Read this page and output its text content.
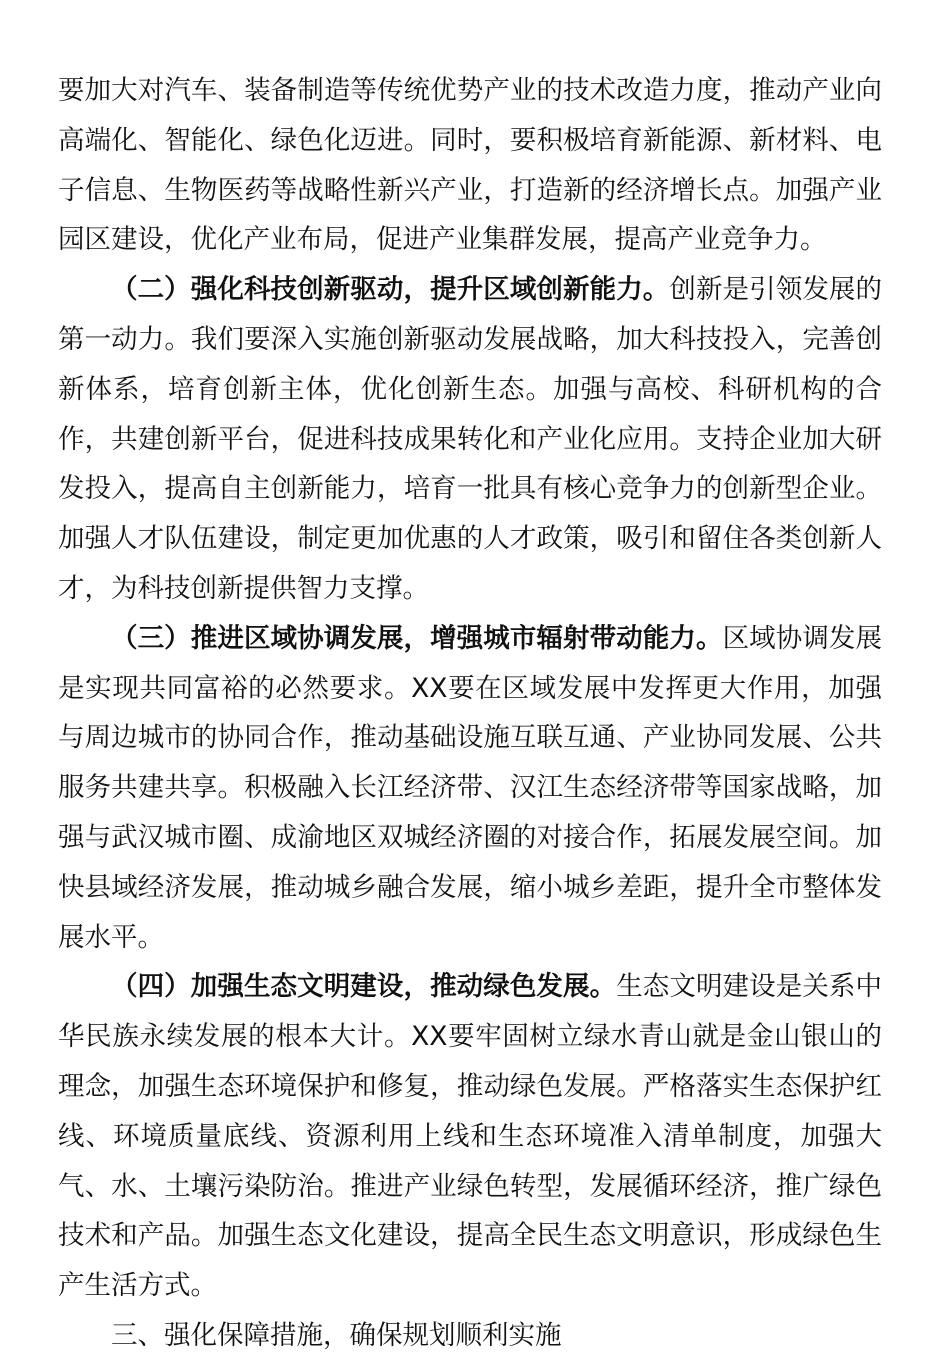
要加大对汽车、装备制造等传统优势产业的技术改造力度，推动产业向高端化、智能化、绿色化迈进。同时，要积极培育新能源、新材料、电子信息、生物医药等战略性新兴产业，打造新的经济增长点。加强产业园区建设，优化产业布局，促进产业集群发展，提高产业竞争力。

（二）强化科技创新驱动，提升区域创新能力。创新是引领发展的第一动力。我们要深入实施创新驱动发展战略，加大科技投入，完善创新体系，培育创新主体，优化创新生态。加强与高校、科研机构的合作，共建创新平台，促进科技成果转化和产业化应用。支持企业加大研发投入，提高自主创新能力，培育一批具有核心竞争力的创新型企业。加强人才队伍建设，制定更加优惠的人才政策，吸引和留住各类创新人才，为科技创新提供智力支撑。

（三）推进区域协调发展，增强城市辐射带动能力。区域协调发展是实现共同富裕的必然要求。XX要在区域发展中发挥更大作用，加强与周边城市的协同合作，推动基础设施互联互通、产业协同发展、公共服务共建共享。积极融入长江经济带、汉江生态经济带等国家战略，加强与武汉城市圈、成渝地区双城经济圈的对接合作，拓展发展空间。加快县域经济发展，推动城乡融合发展，缩小城乡差距，提升全市整体发展水平。

（四）加强生态文明建设，推动绿色发展。生态文明建设是关系中华民族永续发展的根本大计。XX要牢固树立绿水青山就是金山银山的理念，加强生态环境保护和修复，推动绿色发展。严格落实生态保护红线、环境质量底线、资源利用上线和生态环境准入清单制度，加强大气、水、土壤污染防治。推进产业绿色转型，发展循环经济，推广绿色技术和产品。加强生态文化建设，提高全民生态文明意识，形成绿色生产生活方式。

三、强化保障措施，确保规划顺利实施
